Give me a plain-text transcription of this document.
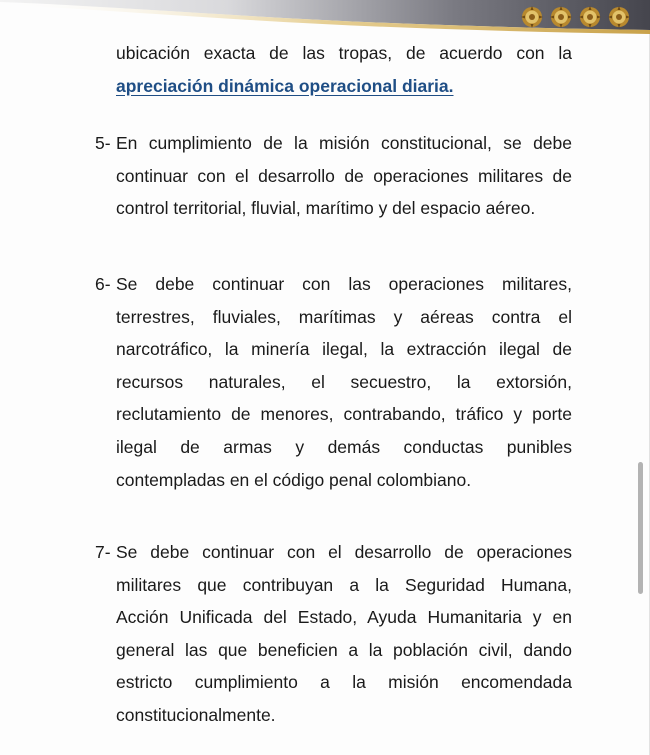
ubicación exacta de las tropas, de acuerdo con la
apreciación dinámica operacional diaria.
5- En cumplimiento de la misión constitucional, se debe
continuar con el desarrollo de operaciones militares de
control territorial, fluvial, marítimo y del espacio aéreo.
6- Se debe continuar con las operaciones militares,
terrestres, fluviales, marítimas y aéreas contra el
narcotráfico, la minería ilegal, la extracción ilegal de
recursos naturales, el secuestro, la extorsión,
reclutamiento de menores, contrabando, tráfico y porte
ilegal de armas y demás conductas punibles
contempladas en el código penal colombiano.
7- Se debe continuar con el desarrollo de operaciones
militares que contribuyan a la Seguridad Humana,
Acción Unificada del Estado, Ayuda Humanitaria y en
general las que beneficien a la población civil, dando
estricto cumplimiento a la misión encomendada
constitucionalmente.
